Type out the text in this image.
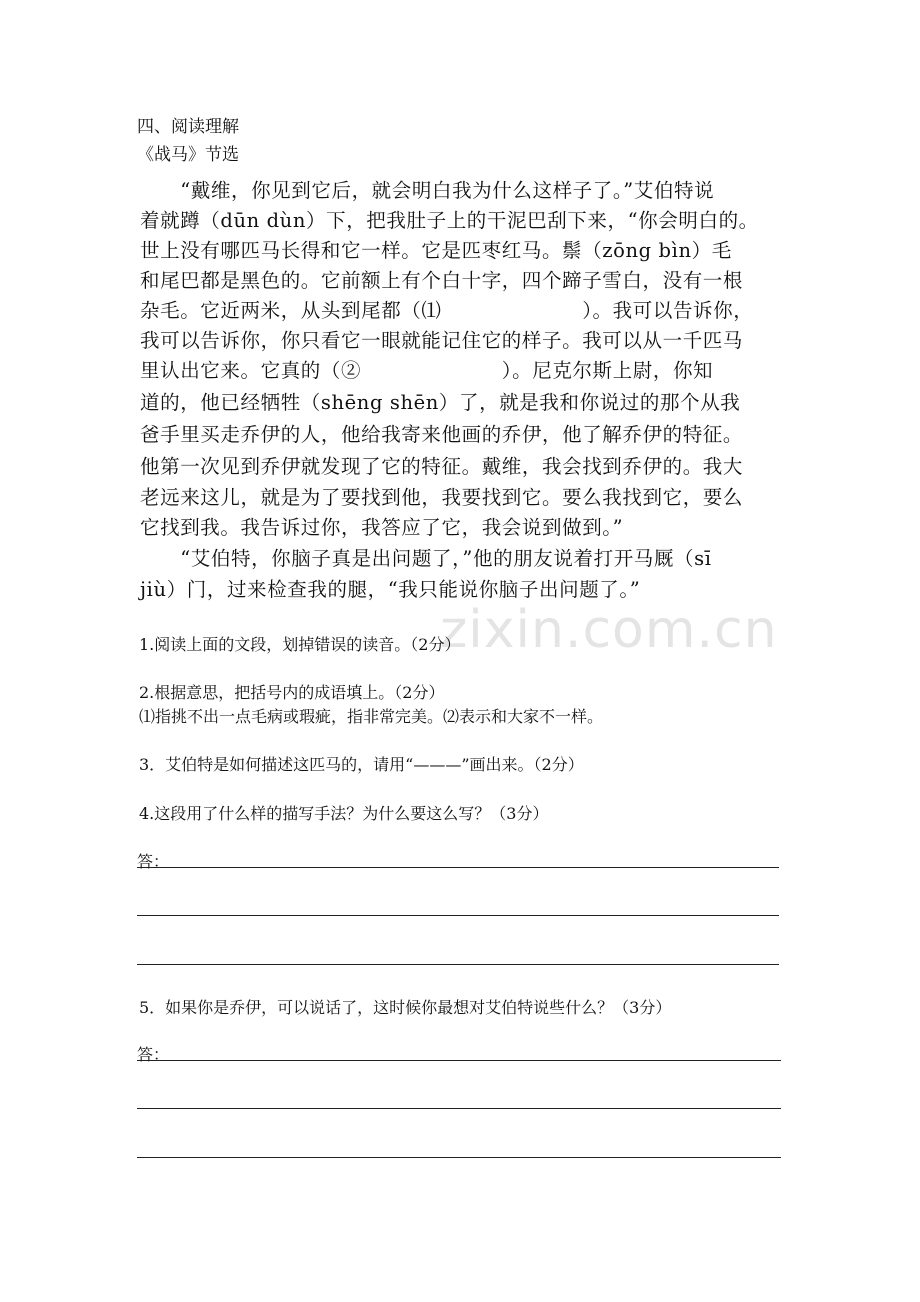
四、阅读理解
《战马》节选
　　“戴维，你见到它后，就会明白我为什么这样子了。”艾伯特说
着就蹲（dūn dùn）下，把我肚子上的干泥巴刮下来，“你会明白的。
世上没有哪匹马长得和它一样。它是匹枣红马。鬃（zōng bìn）毛
和尾巴都是黑色的。它前额上有个白十字，四个蹄子雪白，没有一根
杂毛。它近两米，从头到尾都（⑴　　　　　　　）。我可以告诉你，
我可以告诉你，你只看它一眼就能记住它的样子。我可以从一千匹马
里认出它来。它真的（②　　　　　　　）。尼克尔斯上尉，你知
道的，他已经牺牲（shēng shēn）了，就是我和你说过的那个从我
爸手里买走乔伊的人，他给我寄来他画的乔伊，他了解乔伊的特征。
他第一次见到乔伊就发现了它的特征。戴维，我会找到乔伊的。我大
老远来这儿，就是为了要找到他，我要找到它。要么我找到它，要么
它找到我。我告诉过你，我答应了它，我会说到做到。”
　　“艾伯特，你脑子真是出问题了，”他的朋友说着打开马厩（sī
jiù）门，过来检查我的腿，“我只能说你脑子出问题了。”
zixin.com.cn
1.阅读上面的文段，划掉错误的读音。（2分）
2.根据意思，把括号内的成语填上。（2分）
⑴指挑不出一点毛病或瑕疵，指非常完美。⑵表示和大家不一样。
3．艾伯特是如何描述这匹马的，请用“———”画出来。（2分）
4.这段用了什么样的描写手法？为什么要这么写？（3分）
答：
5．如果你是乔伊，可以说话了，这时候你最想对艾伯特说些什么？（3分）
答：
